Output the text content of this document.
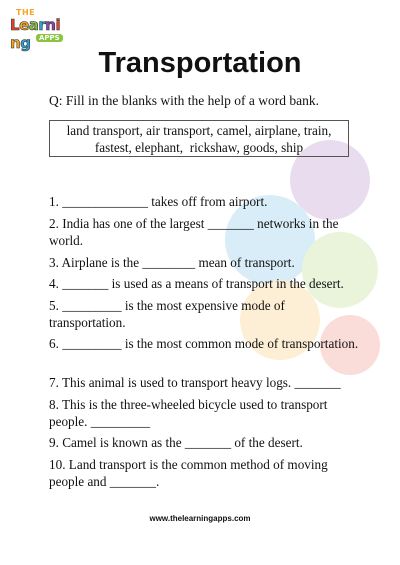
THE
Learning	APPS
Transportation
Q: Fill in the blanks with the help of a word bank.
land transport, air transport, camel, airplane, train,
fastest, elephant,  rickshaw, goods, ship
1. _____________ takes off from airport.
2. India has one of the largest _______ networks in the world.
3. Airplane is the ________ mean of transport.
4. _______ is used as a means of transport in the desert.
5. _________ is the most expensive mode of transportation.
6. _________ is the most common mode of transportation.
7. This animal is used to transport heavy logs. _______
8. This is the three-wheeled bicycle used to transport people. _________
9. Camel is known as the _______ of the desert.
10. Land transport is the common method of moving people and _______.
www.thelearningapps.com
